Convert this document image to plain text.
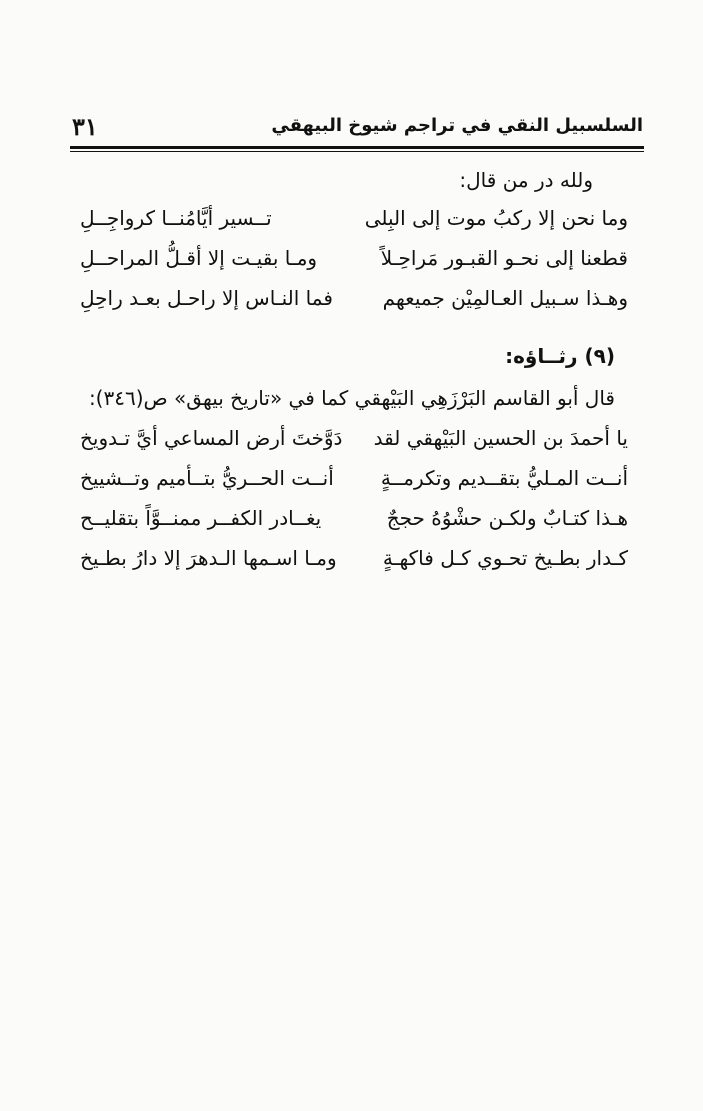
٣١	السلسبيل النقي في تراجم شيوخ البيهقي
ولله در من قال:
وما نحن إلا ركبُ موت إلى البِلى
تــسير أيَّامُنــا كرواجِــلِ
قطعنا إلى نحـو القبـور مَراحِـلاً
ومـا بقيـت إلا أقـلُّ المراحــلِ
وهـذا سـبيل العـالمِيْن جميعهم
فما النـاس إلا راحـل بعـد راحِلِ
(٩) رثــاؤه:
قال أبو القاسم البَرْزَهِي البَيْهقي كما في «تاريخ بيهق» ص(٣٤٦):
يا أحمدَ بن الحسين البَيْهقي لقد
دَوَّختَ أرض المساعي أيَّ تـدويخ
أنــت المـليُّ بتقــديم وتكرمــةٍ
أنــت الحــريُّ بتــأميم وتــشييخ
هـذا كتـابٌ ولكـن حشْوُهُ حججٌ
يغــادر الكفــر ممنــوَّاً بتقليــح
كـدار بطـيخ تحـوي كـل فاكهـةٍ
ومـا اسـمها الـدهرَ إلا دارُ بطـيخ
